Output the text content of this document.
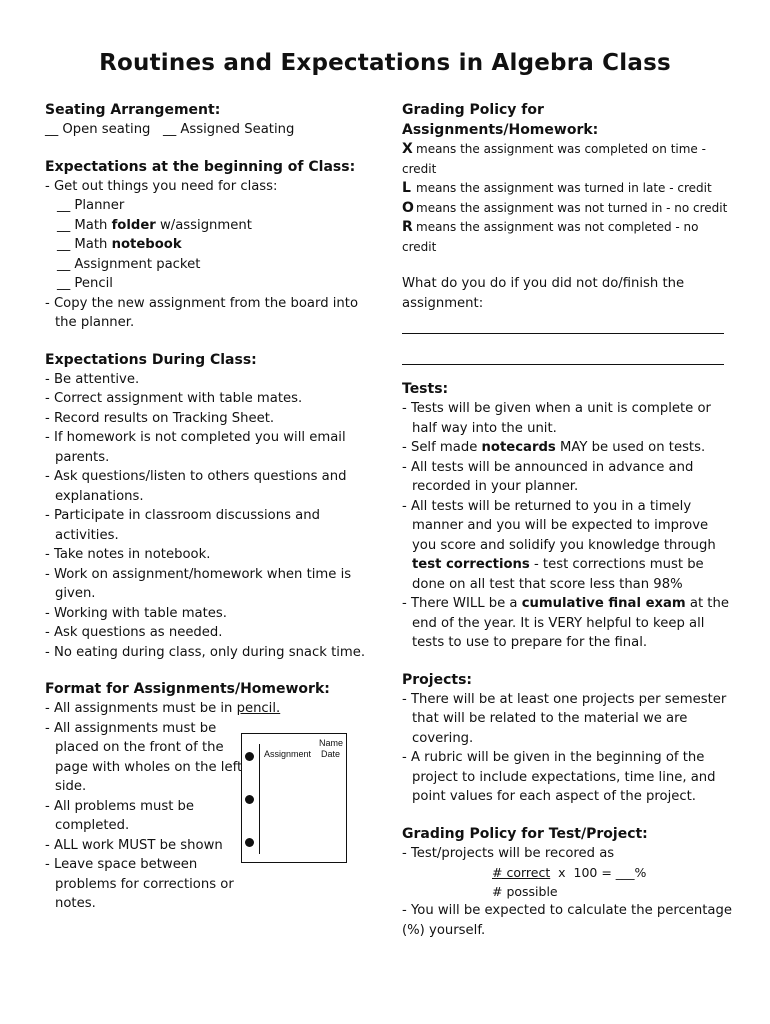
Routines and Expectations in Algebra Class

Seating Arrangement:

__ Open seating   __ Assigned Seating

Expectations at the beginning of Class:

- Get out things you need for class:
__ Planner
__ Math folder w/assignment
__ Math notebook
__ Assignment packet
__ Pencil
- Copy the new assignment from the board into the planner.

Expectations During Class:

- Be attentive.
- Correct assignment with table mates.
- Record results on Tracking Sheet.
- If homework is not completed you will email parents.
- Ask questions/listen to others questions and explanations.
- Participate in classroom discussions and activities.
- Take notes in notebook.
- Work on assignment/homework when time is given.
- Working with table mates.
- Ask questions as needed.
- No eating during class, only during snack time.

Format for Assignments/Homework:

- All assignments must be in pencil.
- All assignments must be placed on the front of the page with wholes on the left side.
- All problems must be completed.
- ALL work MUST be shown
- Leave space between problems for corrections or notes.
Assignment
Name
Date

Grading Policy for Assignments/Homework:

X means the assignment was completed on time - credit
L means the assignment was turned in late - credit
O means the assignment was not turned in - no credit
R means the assignment was not completed - no credit
What do you do if you did not do/finish the assignment:

Tests:

- Tests will be given when a unit is complete or half way into the unit.
- Self made notecards MAY be used on tests.
- All tests will be announced in advance and recorded in your planner.
- All tests will be returned to you in a timely manner and you will be expected to improve you score and solidify you knowledge through test corrections - test corrections must be done on all test that score less than 98%
- There WILL be a cumulative final exam at the end of the year. It is VERY helpful to keep all tests to use to prepare for the final.

Projects:

- There will be at least one projects per semester that will be related to the material we are covering.
- A rubric will be given in the beginning of the project to include expectations, time line, and point values for each aspect of the project.

Grading Policy for Test/Project:

- Test/projects will be recored as
# correct  x  100 = ___%
# possible
- You will be expected to calculate the percentage (%) yourself.
